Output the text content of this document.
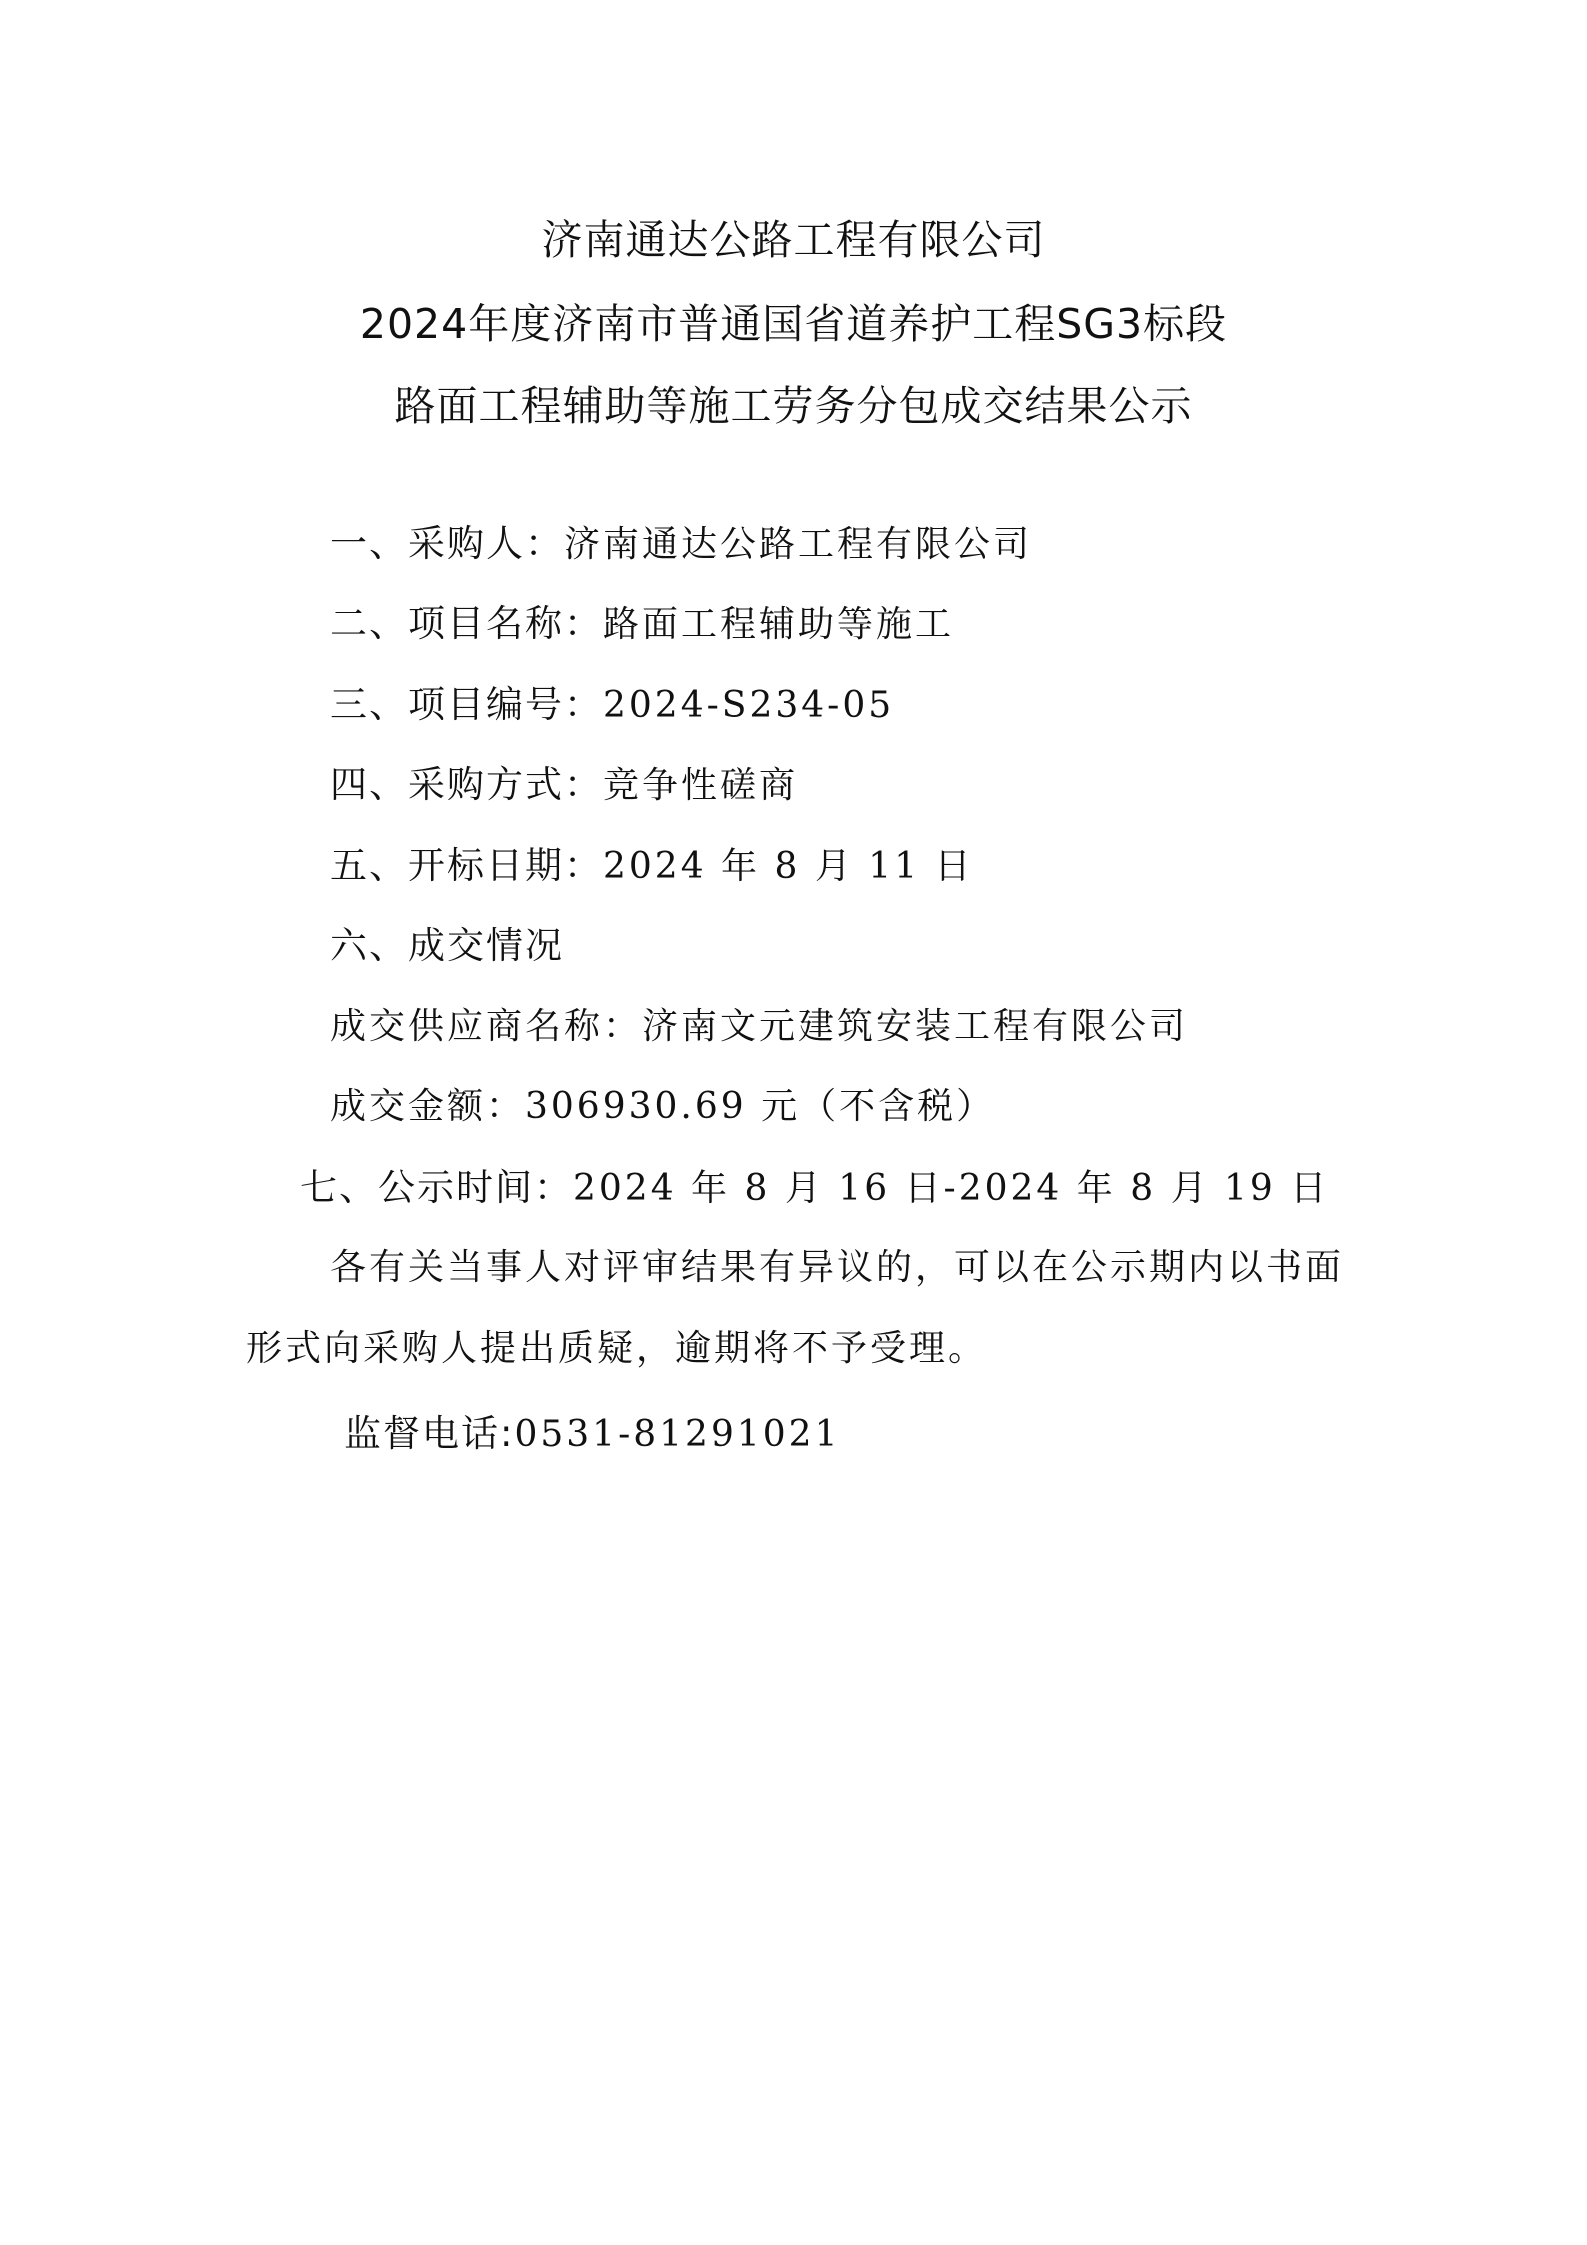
济南通达公路工程有限公司
2024年度济南市普通国省道养护工程SG3标段
路面工程辅助等施工劳务分包成交结果公示
一、采购人：济南通达公路工程有限公司
二、项目名称：路面工程辅助等施工
三、项目编号：2024-S234-05
四、采购方式：竞争性磋商
五、开标日期：2024 年 8 月 11 日
六、成交情况
成交供应商名称：济南文元建筑安装工程有限公司
成交金额：306930.69 元（不含税）
七、公示时间：2024 年 8 月 16 日-2024 年 8 月 19 日
各有关当事人对评审结果有异议的，可以在公示期内以书面
形式向采购人提出质疑，逾期将不予受理。
监督电话:0531-81291021
